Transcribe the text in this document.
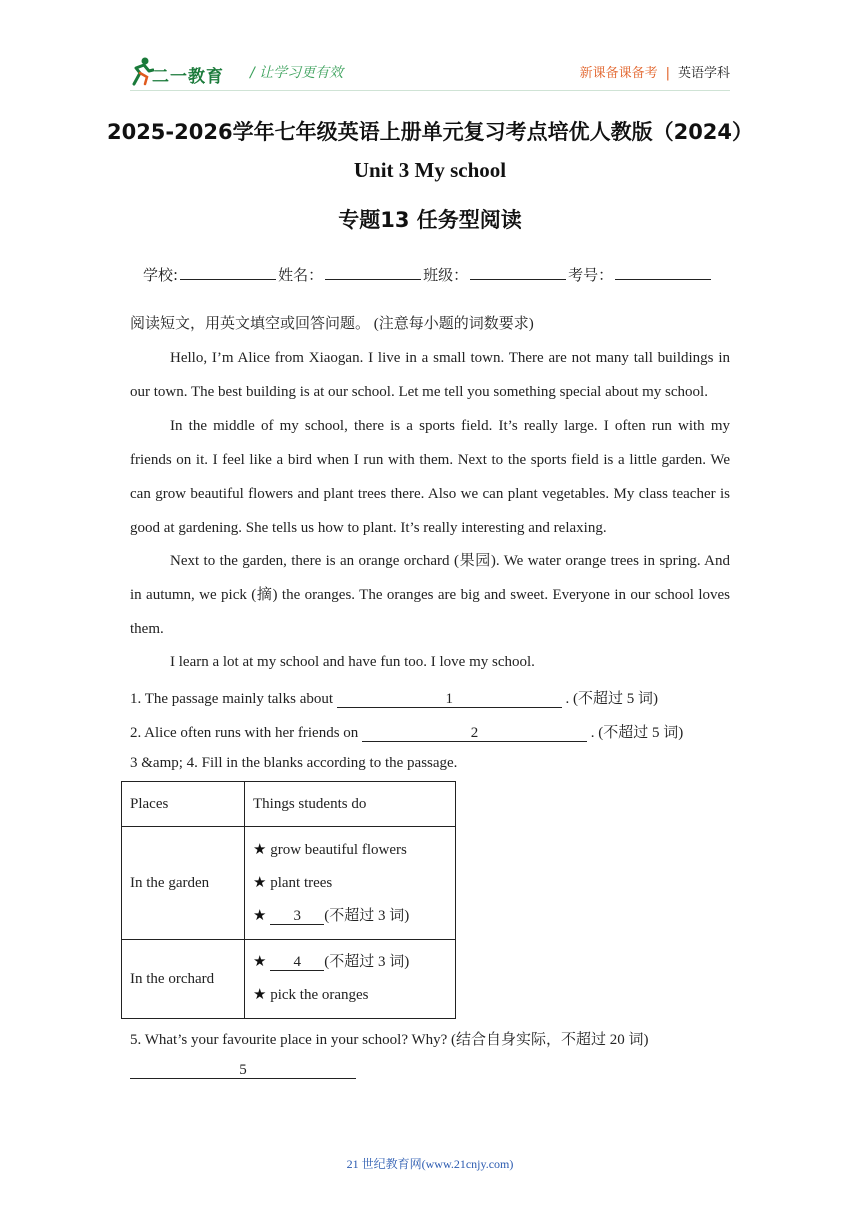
二一教育 / 让学习更有效	新课备课备考 | 英语学科
2025-2026学年七年级英语上册单元复习考点培优人教版（2024）
Unit 3 My school
专题13 任务型阅读
学校:	姓名：	班级：	考号：
阅读短文，用英文填空或回答问题。 (注意每小题的词数要求)
Hello, I’m Alice from Xiaogan. I live in a small town. There are not many tall buildings in our town. The best building is at our school. Let me tell you something special about my school.
In the middle of my school, there is a sports field. It’s really large. I often run with my friends on it. I feel like a bird when I run with them. Next to the sports field is a little garden. We can grow beautiful flowers and plant trees there. Also we can plant vegetables. My class teacher is good at gardening. She tells us how to plant. It’s really interesting and relaxing.
Next to the garden, there is an orange orchard (果园). We water orange trees in spring. And in autumn, we pick (摘) the oranges. The oranges are big and sweet. Everyone in our school loves them.
I learn a lot at my school and have fun too. I love my school.
1. The passage mainly talks about	1	. (不超过 5 词)
2. Alice often runs with her friends on	2	. (不超过 5 词)
3 &amp; 4. Fill in the blanks according to the passage.
Places	Things students do
In the garden	★ grow beautiful flowers
★ plant trees
★ 3 (不超过 3 词)

In the orchard	★ 4 (不超过 3 词)
★ pick the oranges
5. What’s your favourite place in your school? Why? (结合自身实际，不超过 20 词)
5
21 世纪教育网(www.21cnjy.com)
